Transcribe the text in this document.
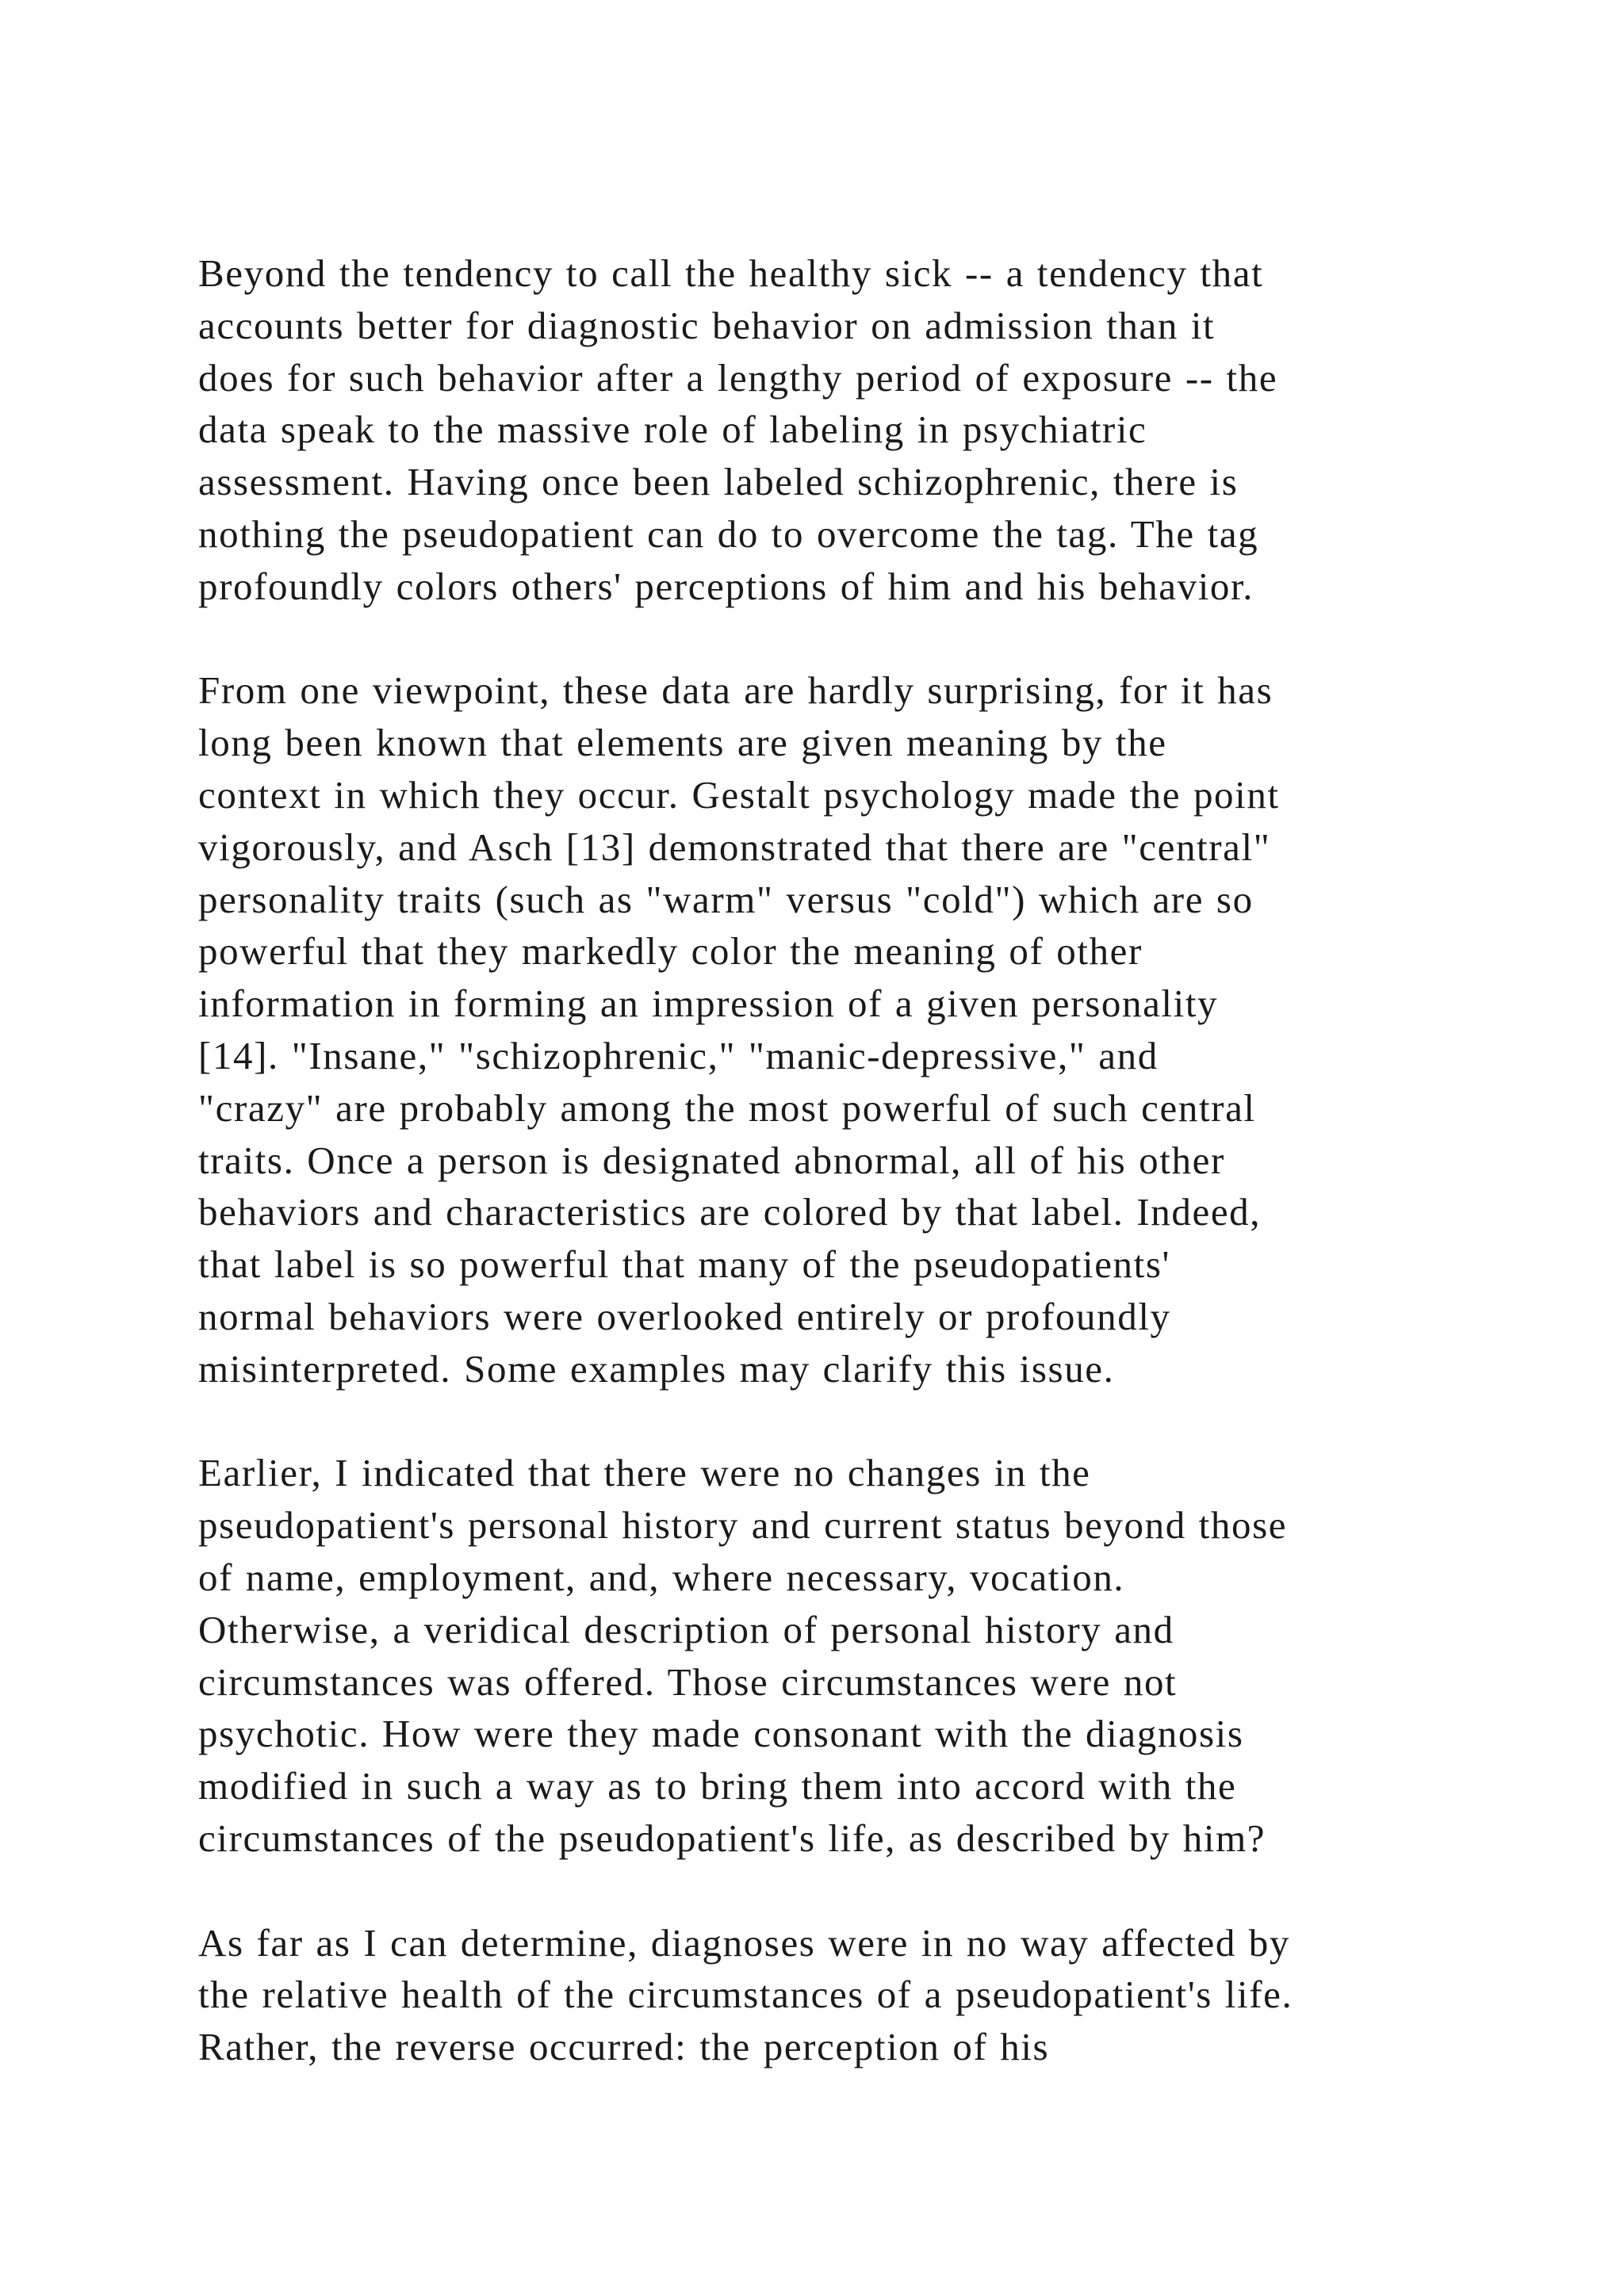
Beyond the tendency to call the healthy sick -- a tendency that
accounts better for diagnostic behavior on admission than it
does for such behavior after a lengthy period of exposure -- the
data speak to the massive role of labeling in psychiatric
assessment. Having once been labeled schizophrenic, there is
nothing the pseudopatient can do to overcome the tag. The tag
profoundly colors others' perceptions of him and his behavior.
From one viewpoint, these data are hardly surprising, for it has
long been known that elements are given meaning by the
context in which they occur. Gestalt psychology made the point
vigorously, and Asch [13] demonstrated that there are "central"
personality traits (such as "warm" versus "cold") which are so
powerful that they markedly color the meaning of other
information in forming an impression of a given personality
[14]. "Insane," "schizophrenic," "manic-depressive," and
"crazy" are probably among the most powerful of such central
traits. Once a person is designated abnormal, all of his other
behaviors and characteristics are colored by that label. Indeed,
that label is so powerful that many of the pseudopatients'
normal behaviors were overlooked entirely or profoundly
misinterpreted. Some examples may clarify this issue.
Earlier, I indicated that there were no changes in the
pseudopatient's personal history and current status beyond those
of name, employment, and, where necessary, vocation.
Otherwise, a veridical description of personal history and
circumstances was offered. Those circumstances were not
psychotic. How were they made consonant with the diagnosis
modified in such a way as to bring them into accord with the
circumstances of the pseudopatient's life, as described by him?
As far as I can determine, diagnoses were in no way affected by
the relative health of the circumstances of a pseudopatient's life.
Rather, the reverse occurred: the perception of his
